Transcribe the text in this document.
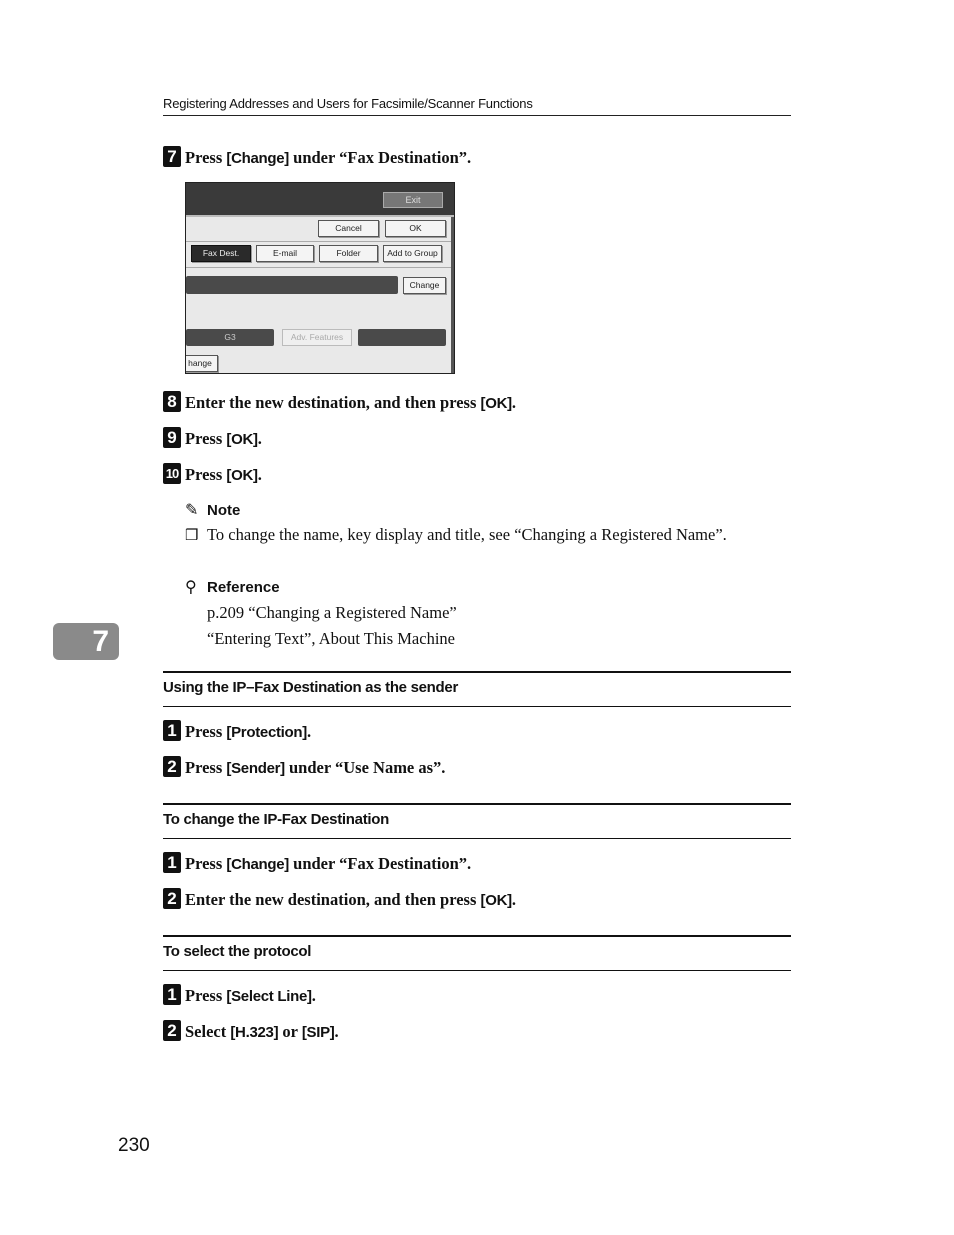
Registering Addresses and Users for Facsimile/Scanner Functions
7 Press [Change] under “Fax Destination”.
Exit
Cancel	OK
Fax Dest.	E-mail	Folder	Add to Group
Change
G3	Adv. Features
hange
8 Enter the new destination, and then press [OK].
9 Press [OK].
10 Press [OK].
✎ Note
❒ To change the name, key display and title, see “Changing a Registered Name”.
⚲ Reference
p.209 “Changing a Registered Name”
“Entering Text”, About This Machine
7
Using the IP–Fax Destination as the sender
1 Press [Protection].
2 Press [Sender] under “Use Name as”.
To change the IP-Fax Destination
1 Press [Change] under “Fax Destination”.
2 Enter the new destination, and then press [OK].
To select the protocol
1 Press [Select Line].
2 Select [H.323] or [SIP].
230
